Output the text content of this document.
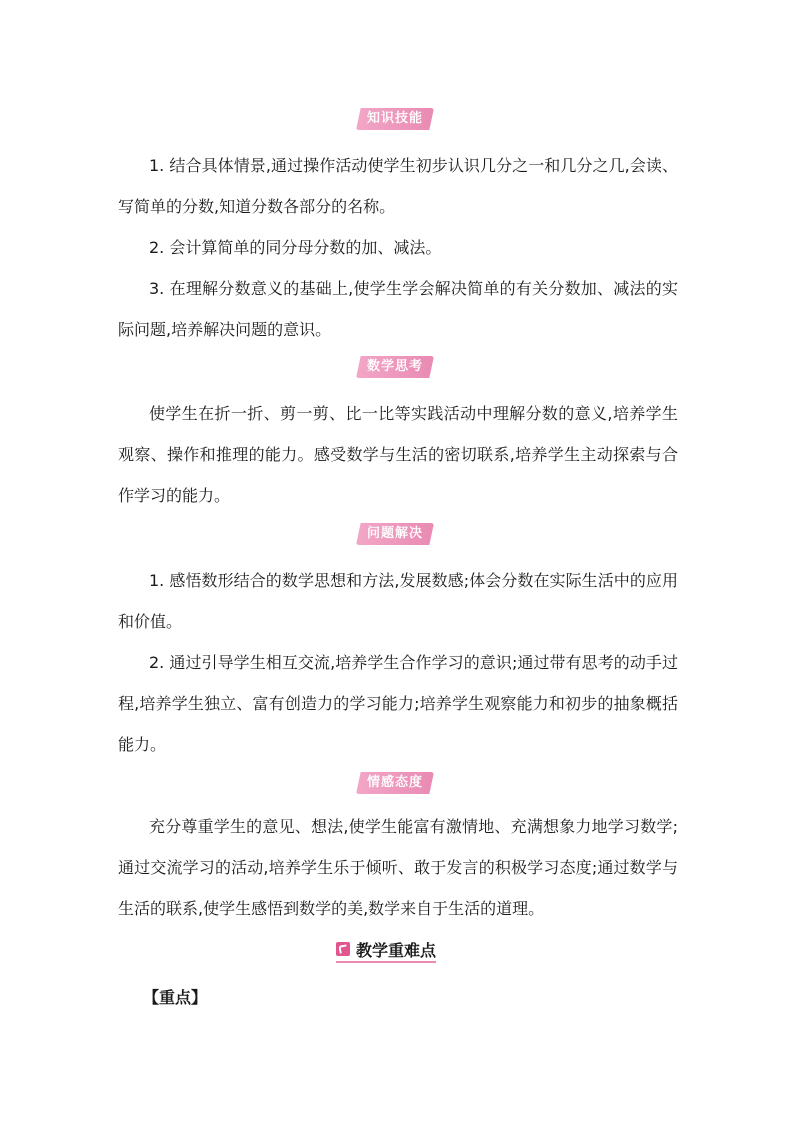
知识技能

1. 结合具体情景,通过操作活动使学生初步认识几分之一和几分之几,会读、写简单的分数,知道分数各部分的名称。

2. 会计算简单的同分母分数的加、减法。

3. 在理解分数意义的基础上,使学生学会解决简单的有关分数加、减法的实际问题,培养解决问题的意识。

数学思考

使学生在折一折、剪一剪、比一比等实践活动中理解分数的意义,培养学生观察、操作和推理的能力。感受数学与生活的密切联系,培养学生主动探索与合作学习的能力。

问题解决

1. 感悟数形结合的数学思想和方法,发展数感;体会分数在实际生活中的应用和价值。

2. 通过引导学生相互交流,培养学生合作学习的意识;通过带有思考的动手过程,培养学生独立、富有创造力的学习能力;培养学生观察能力和初步的抽象概括能力。

情感态度

充分尊重学生的意见、想法,使学生能富有激情地、充满想象力地学习数学;通过交流学习的活动,培养学生乐于倾听、敢于发言的积极学习态度;通过数学与生活的联系,使学生感悟到数学的美,数学来自于生活的道理。

教学重难点
【重点】
